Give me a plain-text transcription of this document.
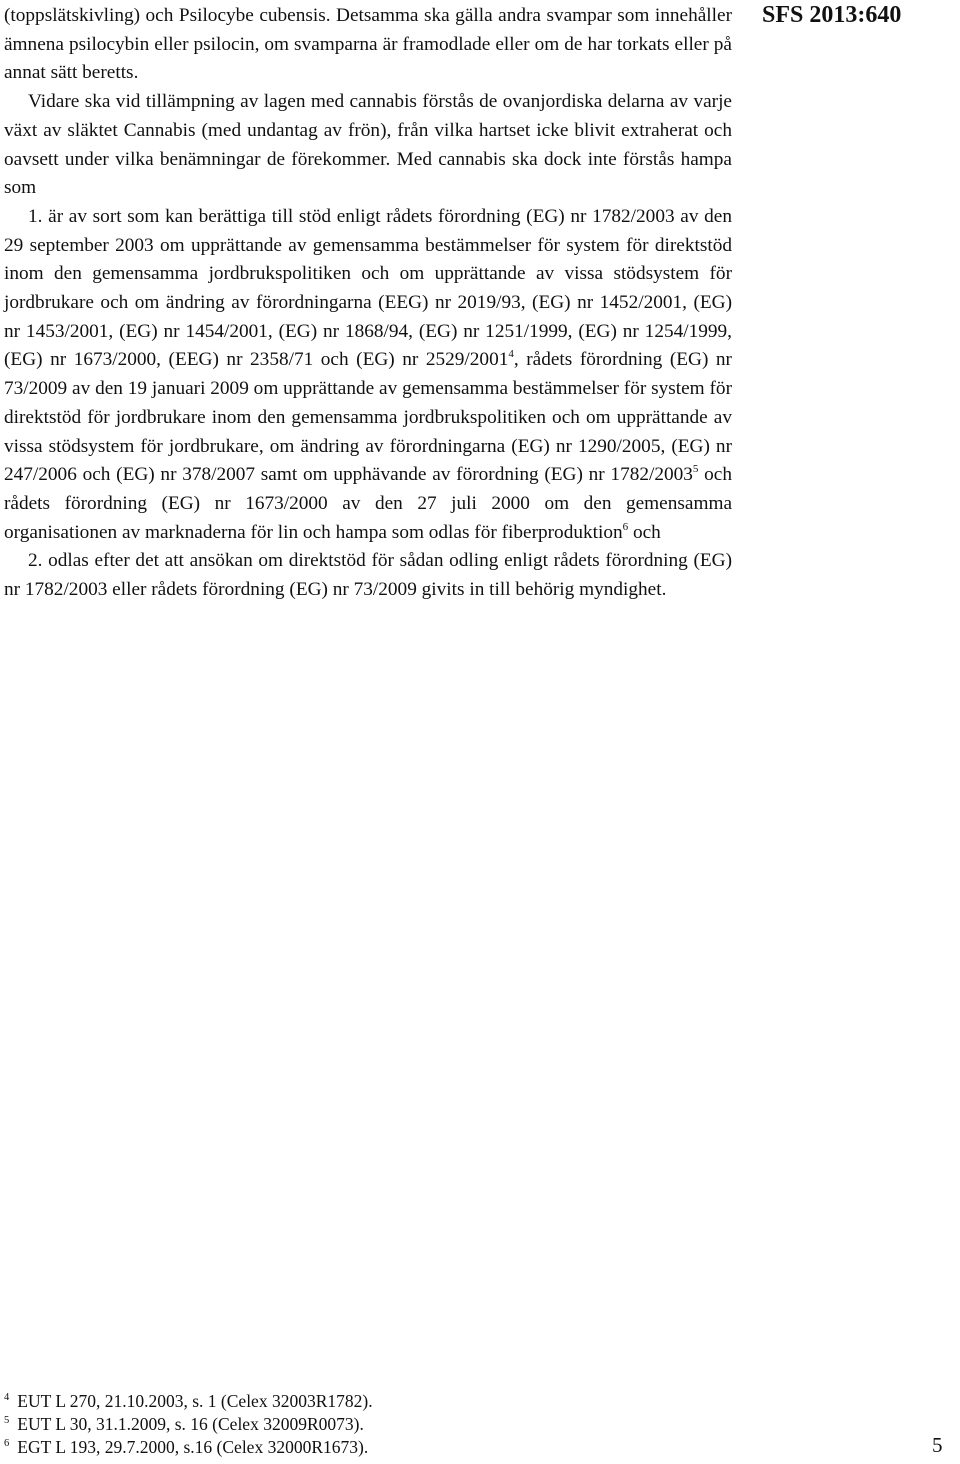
SFS 2013:640

(toppslätskivling) och Psilocybe cubensis. Detsamma ska gälla andra svampar som innehåller ämnena psilocybin eller psilocin, om svamparna är framodlade eller om de har torkats eller på annat sätt beretts.

Vidare ska vid tillämpning av lagen med cannabis förstås de ovanjordiska delarna av varje växt av släktet Cannabis (med undantag av frön), från vilka hartset icke blivit extraherat och oavsett under vilka benämningar de förekommer. Med cannabis ska dock inte förstås hampa som

1. är av sort som kan berättiga till stöd enligt rådets förordning (EG) nr 1782/2003 av den 29 september 2003 om upprättande av gemensamma bestämmelser för system för direktstöd inom den gemensamma jordbrukspolitiken och om upprättande av vissa stödsystem för jordbrukare och om ändring av förordningarna (EEG) nr 2019/93, (EG) nr 1452/2001, (EG) nr 1453/2001, (EG) nr 1454/2001, (EG) nr 1868/94, (EG) nr 1251/1999, (EG) nr 1254/1999, (EG) nr 1673/2000, (EEG) nr 2358/71 och (EG) nr 2529/2001$^4$, rådets förordning (EG) nr 73/2009 av den 19 januari 2009 om upprättande av gemensamma bestämmelser för system för direktstöd för jordbrukare inom den gemensamma jordbrukspolitiken och om upprättande av vissa stödsystem för jordbrukare, om ändring av förordningarna (EG) nr 1290/2005, (EG) nr 247/2006 och (EG) nr 378/2007 samt om upphävande av förordning (EG) nr 1782/2003$^5$ och rådets förordning (EG) nr 1673/2000 av den 27 juli 2000 om den gemensamma organisationen av marknaderna för lin och hampa som odlas för fiberproduktion$^6$ och

2. odlas efter det att ansökan om direktstöd för sådan odling enligt rådets förordning (EG) nr 1782/2003 eller rådets förordning (EG) nr 73/2009 givits in till behörig myndighet.

$^4$ EUT L 270, 21.10.2003, s. 1 (Celex 32003R1782).

$^5$ EUT L 30, 31.1.2009, s. 16 (Celex 32009R0073).

$^6$ EGT L 193, 29.7.2000, s.16 (Celex 32000R1673).	5
